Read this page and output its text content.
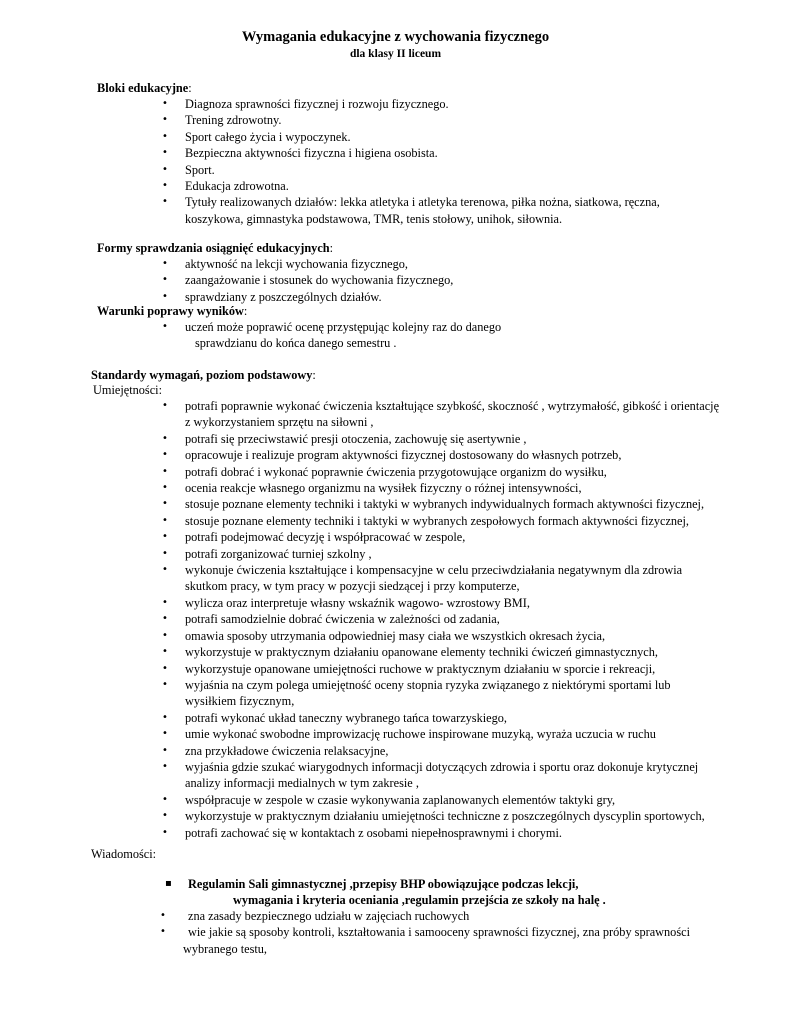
Wymagania edukacyjne z wychowania fizycznego
dla klasy II liceum
Bloki edukacyjne:
• Diagnoza sprawności fizycznej i rozwoju fizycznego.
• Trening zdrowotny.
• Sport całego życia i wypoczynek.
• Bezpieczna aktywności fizyczna i higiena osobista.
• Sport.
• Edukacja zdrowotna.
• Tytuły realizowanych działów: lekka atletyka i atletyka terenowa, piłka nożna, siatkowa, ręczna,
koszykowa, gimnastyka podstawowa, TMR, tenis stołowy, unihok, siłownia.
Formy sprawdzania osiągnięć edukacyjnych:
• aktywność na lekcji wychowania fizycznego,
• zaangażowanie i stosunek do wychowania fizycznego,
• sprawdziany z poszczególnych działów.
Warunki poprawy wyników:
• uczeń może poprawić ocenę przystępując kolejny raz do danego
sprawdzianu do końca danego semestru .
Standardy wymagań, poziom podstawowy:
Umiejętności:
• potrafi poprawnie wykonać ćwiczenia kształtujące szybkość, skoczność , wytrzymałość, gibkość i orientację
z wykorzystaniem sprzętu na siłowni ,
• potrafi się przeciwstawić presji otoczenia, zachowuję się asertywnie ,
• opracowuje i realizuje program aktywności fizycznej dostosowany do własnych potrzeb,
• potrafi dobrać i wykonać poprawnie ćwiczenia przygotowujące organizm do wysiłku,
• ocenia reakcje własnego organizmu na wysiłek fizyczny o różnej intensywności,
• stosuje poznane elementy techniki i taktyki w wybranych indywidualnych formach aktywności fizycznej,
• stosuje poznane elementy techniki i taktyki w wybranych zespołowych formach aktywności fizycznej,
• potrafi podejmować decyzję i współpracować w zespole,
• potrafi zorganizować turniej szkolny ,
• wykonuje ćwiczenia kształtujące i kompensacyjne w celu przeciwdziałania negatywnym dla zdrowia
skutkom pracy, w tym pracy w pozycji siedzącej i przy komputerze,
• wylicza oraz interpretuje własny wskaźnik wagowo- wzrostowy BMI,
• potrafi samodzielnie dobrać ćwiczenia w zależności od zadania,
• omawia sposoby utrzymania odpowiedniej masy ciała we wszystkich okresach życia,
• wykorzystuje w praktycznym działaniu opanowane elementy techniki ćwiczeń gimnastycznych,
• wykorzystuje opanowane umiejętności ruchowe w praktycznym działaniu w sporcie i rekreacji,
• wyjaśnia na czym polega umiejętność oceny stopnia ryzyka związanego z niektórymi sportami lub
wysiłkiem fizycznym,
• potrafi wykonać układ taneczny wybranego tańca towarzyskiego,
• umie wykonać swobodne improwizację ruchowe inspirowane muzyką, wyraża uczucia w ruchu
• zna przykładowe ćwiczenia relaksacyjne,
• wyjaśnia gdzie szukać wiarygodnych informacji dotyczących zdrowia i sportu oraz dokonuje krytycznej
analizy informacji medialnych w tym zakresie ,
• współpracuje w zespole w czasie wykonywania zaplanowanych elementów taktyki gry,
• wykorzystuje w praktycznym działaniu umiejętności techniczne z poszczególnych dyscyplin sportowych,
• potrafi zachować się w kontaktach z osobami niepełnosprawnymi i chorymi.
Wiadomości:
▪ Regulamin Sali gimnastycznej ,przepisy BHP obowiązujące podczas lekcji,
wymagania i kryteria oceniania ,regulamin przejścia ze szkoły na halę .
• zna zasady bezpiecznego udziału w zajęciach ruchowych
• wie jakie są sposoby kontroli, kształtowania i samooceny sprawności fizycznej, zna próby sprawności
wybranego testu,
